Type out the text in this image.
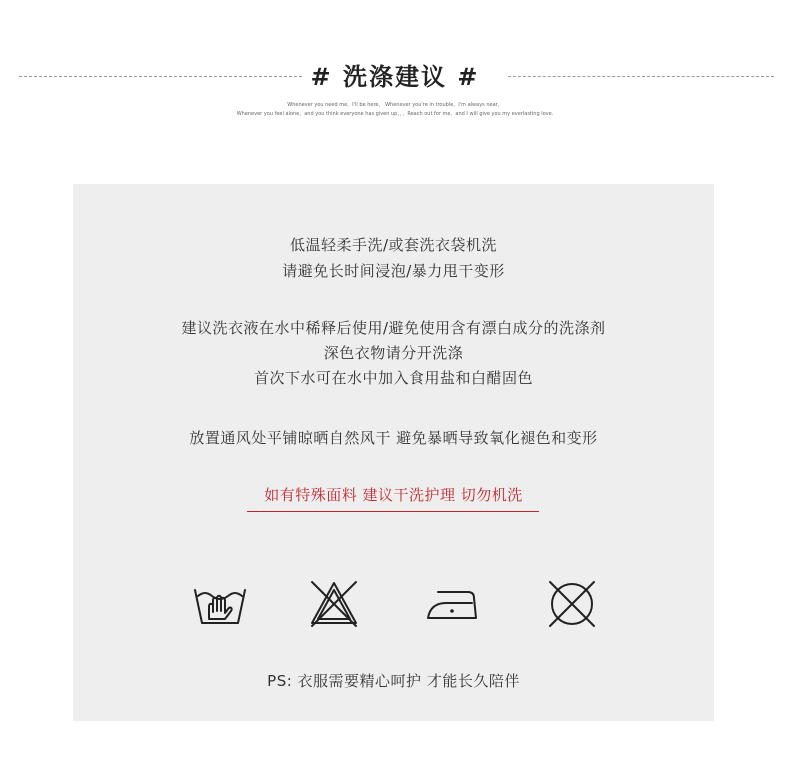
# 洗涤建议 #
Whenever you need me，I'll be here， Whenever you're in trouble，I'm always near，
Whenever you feel alone，and you think everyone has given up，，，Reach out for me，and I will give you my everlasting love.
低温轻柔手洗/或套洗衣袋机洗
请避免长时间浸泡/暴力甩干变形
建议洗衣液在水中稀释后使用/避免使用含有漂白成分的洗涤剂
深色衣物请分开洗涤
首次下水可在水中加入食用盐和白醋固色
放置通风处平铺晾晒自然风干 避免暴晒导致氧化褪色和变形
如有特殊面料 建议干洗护理 切勿机洗
PS: 衣服需要精心呵护 才能长久陪伴
